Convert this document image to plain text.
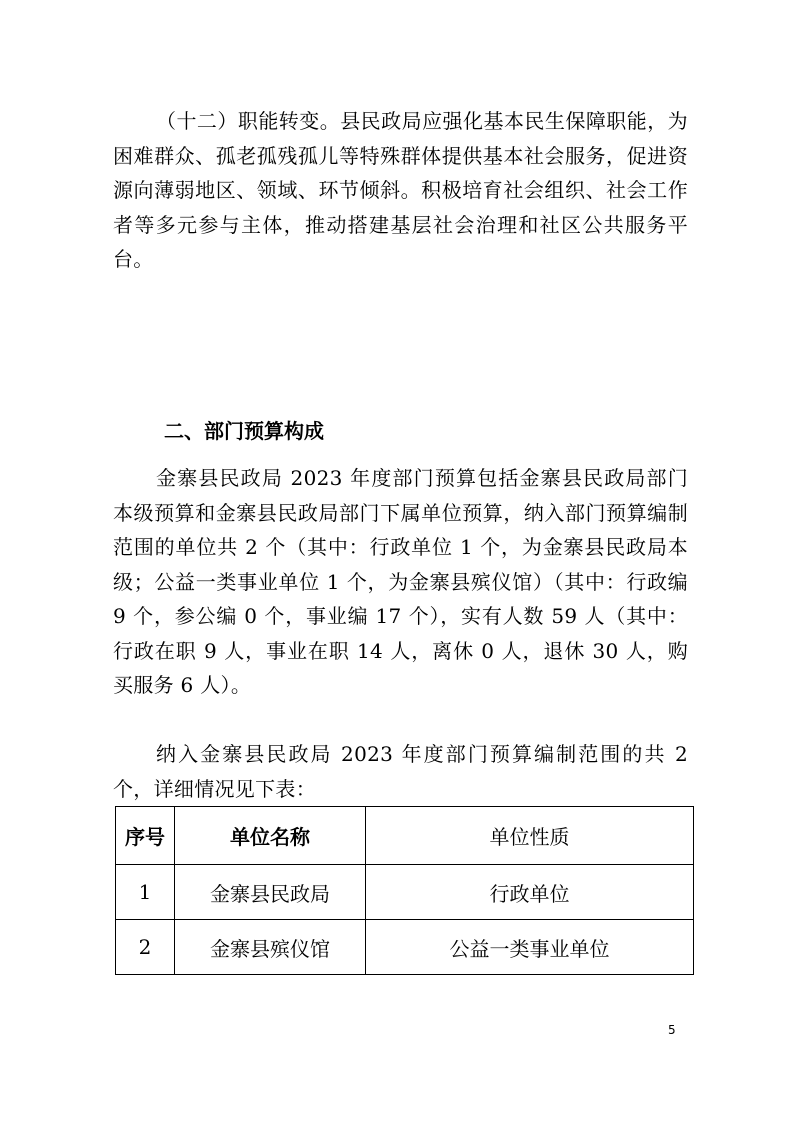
（十二）职能转变。县民政局应强化基本民生保障职能，为困难群众、孤老孤残孤儿等特殊群体提供基本社会服务，促进资源向薄弱地区、领域、环节倾斜。积极培育社会组织、社会工作者等多元参与主体，推动搭建基层社会治理和社区公共服务平台。

二、部门预算构成

金寨县民政局 2023 年度部门预算包括金寨县民政局部门本级预算和金寨县民政局部门下属单位预算，纳入部门预算编制范围的单位共 2 个（其中：行政单位 1 个，为金寨县民政局本级；公益一类事业单位 1 个，为金寨县殡仪馆）（其中：行政编 9 个，参公编 0 个，事业编 17 个），实有人数 59 人（其中：行政在职 9 人，事业在职 14 人，离休 0 人，退休 30 人，购买服务 6 人）。

纳入金寨县民政局 2023 年度部门预算编制范围的共 2 个，详细情况见下表：

序号	单位名称	单位性质
1	金寨县民政局	行政单位
2	金寨县殡仪馆	公益一类事业单位
5
